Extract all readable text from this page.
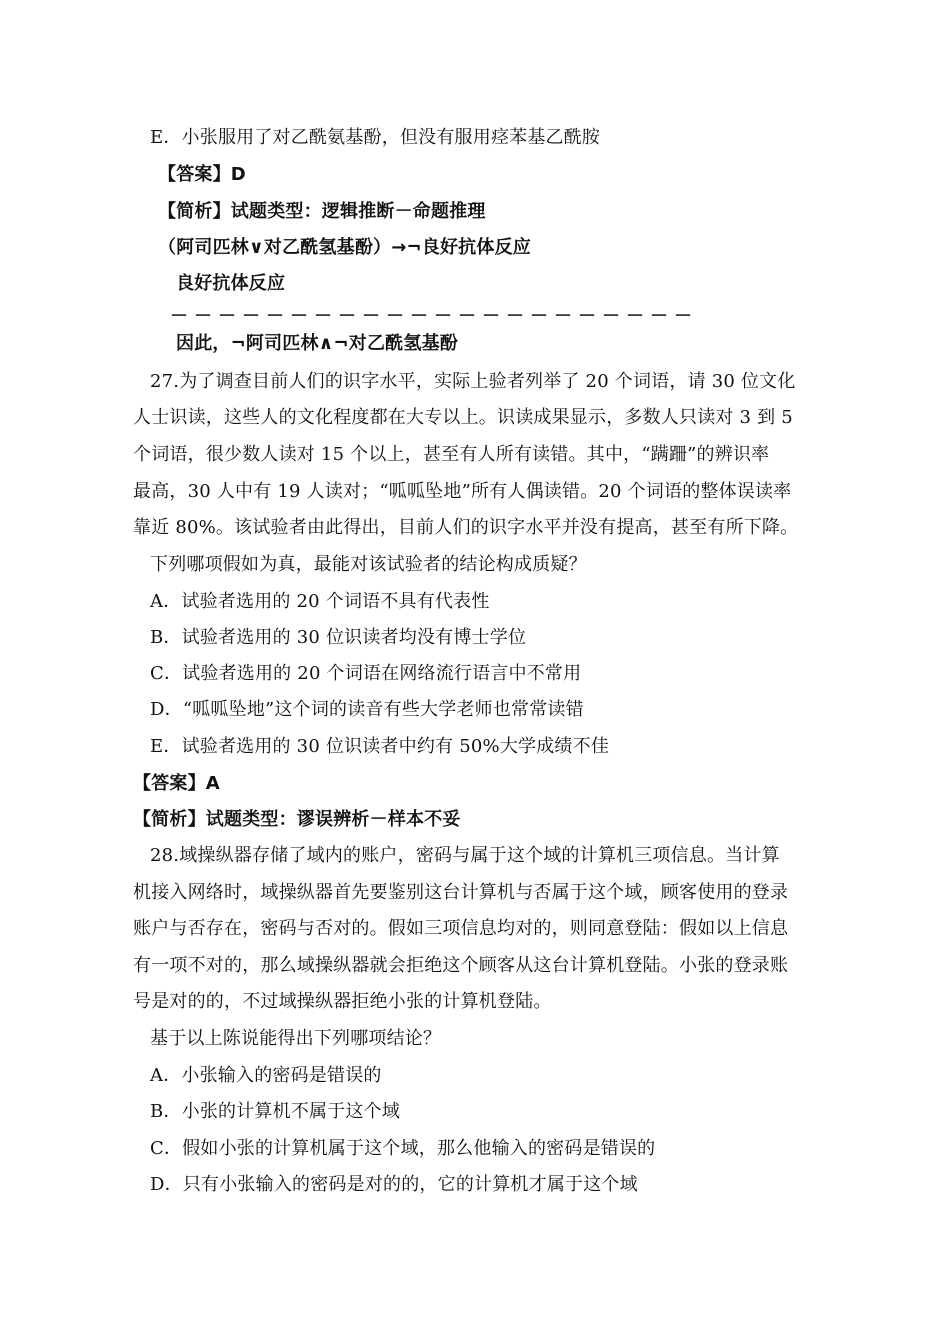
E．小张服用了对乙酰氨基酚，但没有服用痉苯基乙酰胺
【答案】D
【简析】试题类型：逻辑推断－命题推理
（阿司匹林∨对乙酰氢基酚）→¬良好抗体反应
良好抗体反应
－－－－－－－－－－－－－－－－－－－－－－
因此，¬阿司匹林∧¬对乙酰氢基酚
27.为了调查目前人们的识字水平，实际上验者列举了 20 个词语，请 30 位文化
人士识读，这些人的文化程度都在大专以上。识读成果显示，多数人只读对 3 到 5
个词语，很少数人读对 15 个以上，甚至有人所有读错。其中，“蹒跚”的辨识率
最高，30 人中有 19 人读对；“呱呱坠地”所有人偶读错。20 个词语的整体误读率
靠近 80%。该试验者由此得出，目前人们的识字水平并没有提高，甚至有所下降。
下列哪项假如为真，最能对该试验者的结论构成质疑？
A．试验者选用的 20 个词语不具有代表性
B．试验者选用的 30 位识读者均没有博士学位
C．试验者选用的 20 个词语在网络流行语言中不常用
D．“呱呱坠地”这个词的读音有些大学老师也常常读错
E．试验者选用的 30 位识读者中约有 50%大学成绩不佳
【答案】A
【简析】试题类型：谬误辨析－样本不妥
28.域操纵器存储了域内的账户，密码与属于这个域的计算机三项信息。当计算
机接入网络时，域操纵器首先要鉴别这台计算机与否属于这个域，顾客使用的登录
账户与否存在，密码与否对的。假如三项信息均对的，则同意登陆：假如以上信息
有一项不对的，那么域操纵器就会拒绝这个顾客从这台计算机登陆。小张的登录账
号是对的的，不过域操纵器拒绝小张的计算机登陆。
基于以上陈说能得出下列哪项结论？
A．小张输入的密码是错误的
B．小张的计算机不属于这个域
C．假如小张的计算机属于这个域，那么他输入的密码是错误的
D．只有小张输入的密码是对的的，它的计算机才属于这个域
